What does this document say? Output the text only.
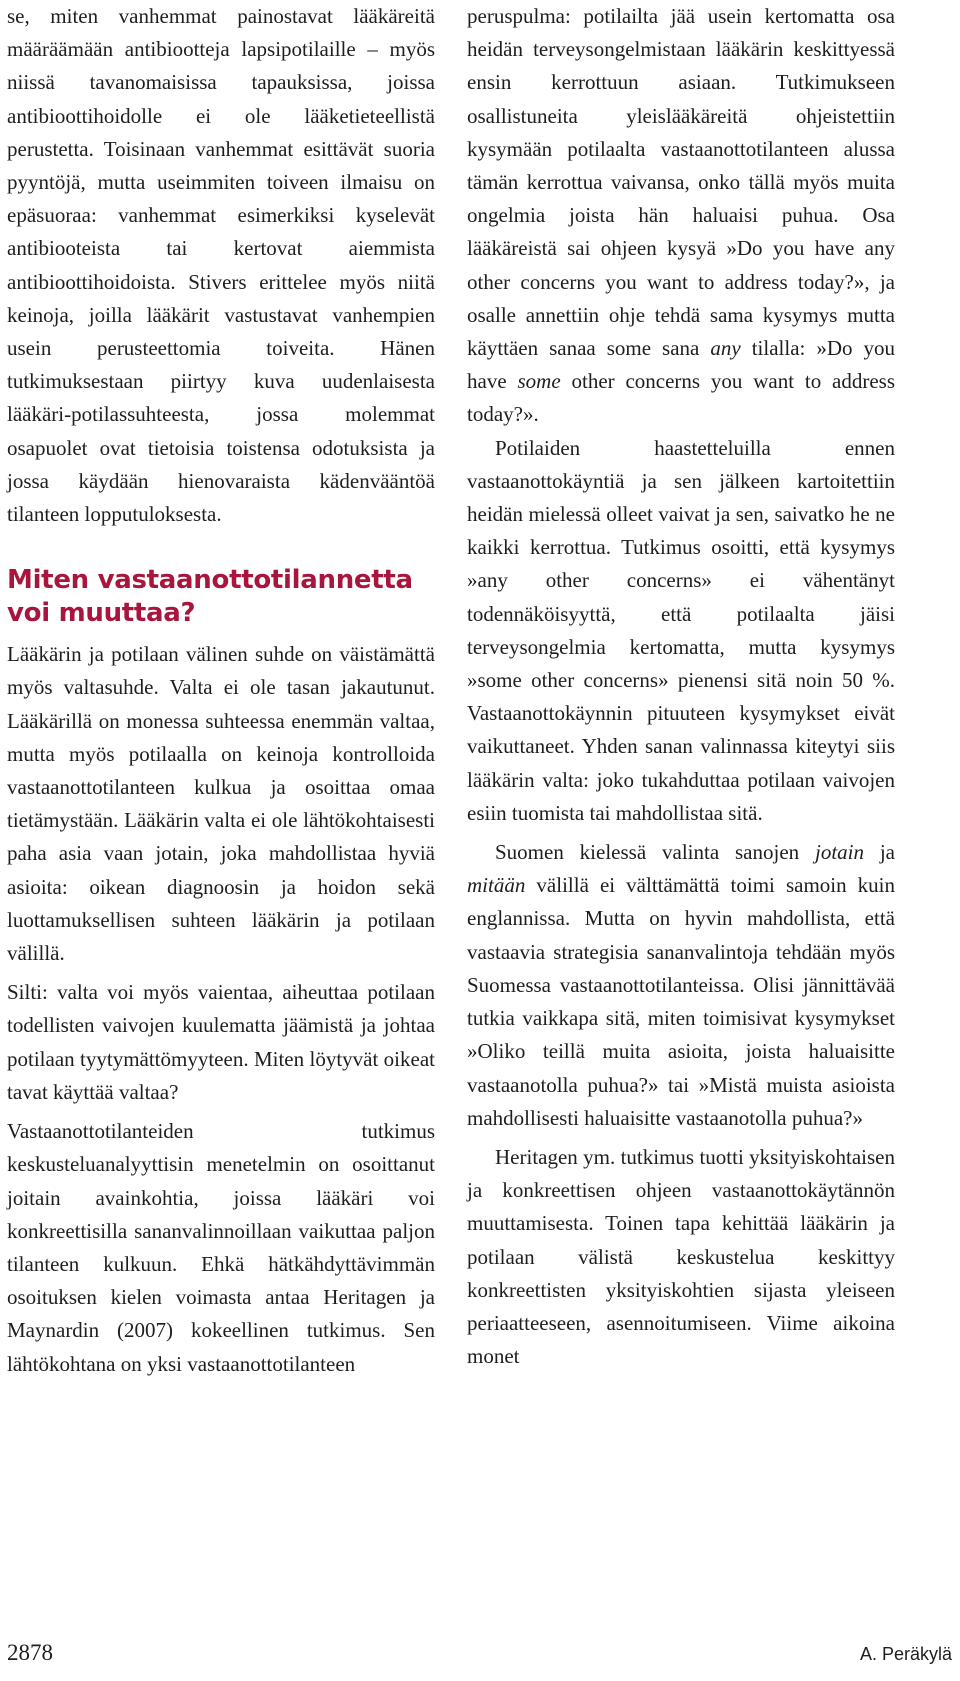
se, miten vanhemmat painostavat lääkäreitä määräämään antibiootteja lapsipotilaille – myös niissä tavanomaisissa tapauksissa, joissa antibioottihoidolle ei ole lääketieteellistä perustetta. Toisinaan vanhemmat esittävät suoria pyyntöjä, mutta useimmiten toiveen ilmaisu on epäsuoraa: vanhemmat esimerkiksi kyselevät antibiooteista tai kertovat aiemmista antibioottihoidoista. Stivers erittelee myös niitä keinoja, joilla lääkärit vastustavat vanhempien usein perusteettomia toiveita. Hänen tutkimuksestaan piirtyy kuva uudenlaisesta lääkäri-potilassuhteesta, jossa molemmat osapuolet ovat tietoisia toistensa odotuksista ja jossa käydään hienovaraista kädenvääntöä tilanteen lopputuloksesta.

Miten vastaanottotilannetta voi muuttaa?

Lääkärin ja potilaan välinen suhde on väistämättä myös valtasuhde. Valta ei ole tasan jakautunut. Lääkärillä on monessa suhteessa enemmän valtaa, mutta myös potilaalla on keinoja kontrolloida vastaanottotilanteen kulkua ja osoittaa omaa tietämystään. Lääkärin valta ei ole lähtökohtaisesti paha asia vaan jotain, joka mahdollistaa hyviä asioita: oikean diagnoosin ja hoidon sekä luottamuksellisen suhteen lääkärin ja potilaan välillä.

Silti: valta voi myös vaientaa, aiheuttaa potilaan todellisten vaivojen kuulematta jäämistä ja johtaa potilaan tyytymättömyyteen. Miten löytyvät oikeat tavat käyttää valtaa?

Vastaanottotilanteiden tutkimus keskusteluanalyyttisin menetelmin on osoittanut joitain avainkohtia, joissa lääkäri voi konkreettisilla sananvalinnoillaan vaikuttaa paljon tilanteen kulkuun. Ehkä hätkähdyttävimmän osoituksen kielen voimasta antaa Heritagen ja Maynardin (2007) kokeellinen tutkimus. Sen lähtökohtana on yksi vastaanottotilanteen

peruspulma: potilailta jää usein kertomatta osa heidän terveysongelmistaan lääkärin keskittyessä ensin kerrottuun asiaan. Tutkimukseen osallistuneita yleislääkäreitä ohjeistettiin kysymään potilaalta vastaanottotilanteen alussa tämän kerrottua vaivansa, onko tällä myös muita ongelmia joista hän haluaisi puhua. Osa lääkäreistä sai ohjeen kysyä »Do you have any other concerns you want to address today?», ja osalle annettiin ohje tehdä sama kysymys mutta käyttäen sanaa some sana any tilalla: »Do you have some other concerns you want to address today?».

Potilaiden haastetteluilla ennen vastaanottokäyntiä ja sen jälkeen kartoitettiin heidän mielessä olleet vaivat ja sen, saivatko he ne kaikki kerrottua. Tutkimus osoitti, että kysymys »any other concerns» ei vähentänyt todennäköisyyttä, että potilaalta jäisi terveysongelmia kertomatta, mutta kysymys »some other concerns» pienensi sitä noin 50 %. Vastaanottokäynnin pituuteen kysymykset eivät vaikuttaneet. Yhden sanan valinnassa kiteytyi siis lääkärin valta: joko tukahduttaa potilaan vaivojen esiin tuomista tai mahdollistaa sitä.

Suomen kielessä valinta sanojen jotain ja mitään välillä ei välttämättä toimi samoin kuin englannissa. Mutta on hyvin mahdollista, että vastaavia strategisia sananvalintoja tehdään myös Suomessa vastaanottotilanteissa. Olisi jännittävää tutkia vaikkapa sitä, miten toimisivat kysymykset »Oliko teillä muita asioita, joista haluaisitte vastaanotolla puhua?» tai »Mistä muista asioista mahdollisesti haluaisitte vastaanotolla puhua?»

Heritagen ym. tutkimus tuotti yksityiskohtaisen ja konkreettisen ohjeen vastaanottokäytännön muuttamisesta. Toinen tapa kehittää lääkärin ja potilaan välistä keskustelua keskittyy konkreettisten yksityiskohtien sijasta yleiseen periaatteeseen, asennoitumiseen. Viime aikoina monet

2878	A. Peräkylä
